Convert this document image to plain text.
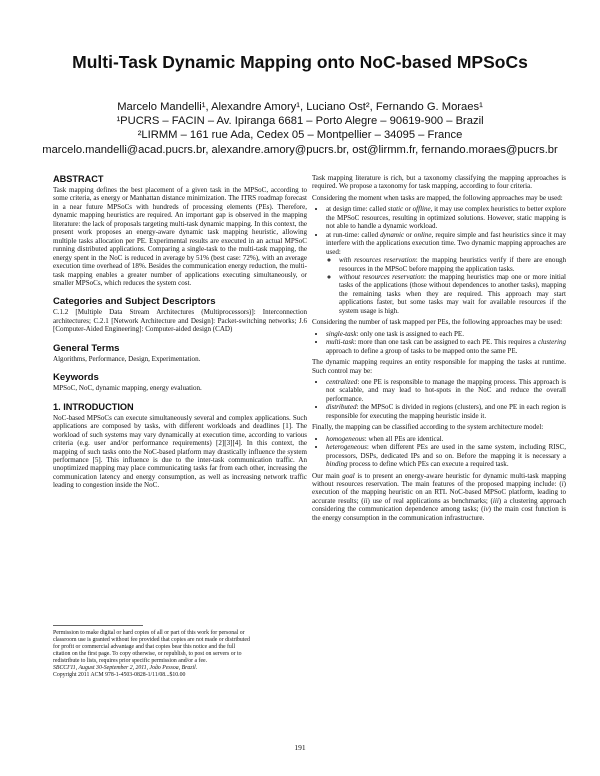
Multi-Task Dynamic Mapping onto NoC-based MPSoCs
Marcelo Mandelli¹, Alexandre Amory¹, Luciano Ost², Fernando G. Moraes¹
¹PUCRS – FACIN – Av. Ipiranga 6681 – Porto Alegre – 90619-900 – Brazil
²LIRMM – 161 rue Ada, Cedex 05 – Montpellier – 34095 – France
marcelo.mandelli@acad.pucrs.br, alexandre.amory@pucrs.br, ost@lirmm.fr, fernando.moraes@pucrs.br
ABSTRACT

Task mapping defines the best placement of a given task in the MPSoC, according to some criteria, as energy or Manhattan distance minimization. The ITRS roadmap forecast in a near future MPSoCs with hundreds of processing elements (PEs). Therefore, dynamic mapping heuristics are required. An important gap is observed in the mapping literature: the lack of proposals targeting multi-task dynamic mapping. In this context, the present work proposes an energy-aware dynamic task mapping heuristic, allowing multiple tasks allocation per PE. Experimental results are executed in an actual MPSoC running distributed applications. Comparing a single-task to the multi-task mapping, the energy spent in the NoC is reduced in average by 51% (best case: 72%), with an average execution time overhead of 18%. Besides the communication energy reduction, the multi-task mapping enables a greater number of applications executing simultaneously, or smaller MPSoCs, which reduces the system cost.

Categories and Subject Descriptors

C.1.2 [Multiple Data Stream Architectures (Multiprocessors)]: Interconnection architectures; C.2.1 [Network Architecture and Design]: Packet-switching networks; J.6 [Computer-Aided Engineering]: Computer-aided design (CAD)

General Terms

Algorithms, Performance, Design, Experimentation.

Keywords

MPSoC, NoC, dynamic mapping, energy evaluation.

1. INTRODUCTION

NoC-based MPSoCs can execute simultaneously several and complex applications. Such applications are composed by tasks, with different workloads and deadlines [1]. The workload of such systems may vary dynamically at execution time, according to various criteria (e.g. user and/or performance requirements) [2][3][4]. In this context, the mapping of such tasks onto the NoC-based platform may drastically influence the system performance [5]. This influence is due to the inter-task communication traffic. An unoptimized mapping may place communicating tasks far from each other, increasing the communication latency and energy consumption, as well as increasing network traffic leading to congestion inside the NoC.

Permission to make digital or hard copies of all or part of this work for personal or classroom use is granted without fee provided that copies are not made or distributed for profit or commercial advantage and that copies bear this notice and the full citation on the first page. To copy otherwise, or republish, to post on servers or to redistribute to lists, requires prior specific permission and/or a fee.
SBCCI'11, August 30-September 2, 2011, João Pessoa, Brazil.
Copyright 2011 ACM 978-1-4503-0828-1/11/08...$10.00

Task mapping literature is rich, but a taxonomy classifying the mapping approaches is required. We propose a taxonomy for task mapping, according to four criteria.

Considering the moment when tasks are mapped, the following approaches may be used:

• at design time: called static or offline, it may use complex heuristics to better explore the MPSoC resources, resulting in optimized solutions. However, static mapping is not able to handle a dynamic workload.
• at run-time: called dynamic or online, require simple and fast heuristics since it may interfere with the applications execution time. Two dynamic mapping approaches are used:
◦ with resources reservation: the mapping heuristics verify if there are enough resources in the MPSoC before mapping the application tasks.
◦ without resources reservation: the mapping heuristics map one or more initial tasks of the applications (those without dependences to another tasks), mapping the remaining tasks when they are required. This approach may start applications faster, but some tasks may wait for available resources if the system usage is high.

Considering the number of task mapped per PEs, the following approaches may be used:

• single-task: only one task is assigned to each PE.
• multi-task: more than one task can be assigned to each PE. This requires a clustering approach to define a group of tasks to be mapped onto the same PE.

The dynamic mapping requires an entity responsible for mapping the tasks at runtime. Such control may be:

• centralized: one PE is responsible to manage the mapping process. This approach is not scalable, and may lead to hot-spots in the NoC and reduce the overall performance.
• distributed: the MPSoC is divided in regions (clusters), and one PE in each region is responsible for executing the mapping heuristic inside it.

Finally, the mapping can be classified according to the system architecture model:

• homogeneous: when all PEs are identical.
• heterogeneous: when different PEs are used in the same system, including RISC, processors, DSPs, dedicated IPs and so on. Before the mapping it is necessary a binding process to define which PEs can execute a required task.

Our main goal is to present an energy-aware heuristic for dynamic multi-task mapping without resources reservation. The main features of the proposed mapping include: (i) execution of the mapping heuristic on an RTL NoC-based MPSoC platform, leading to accurate results; (ii) use of real applications as benchmarks; (iii) a clustering approach considering the communication dependence among tasks; (iv) the main cost function is the energy consumption in the communication infrastructure.

191
